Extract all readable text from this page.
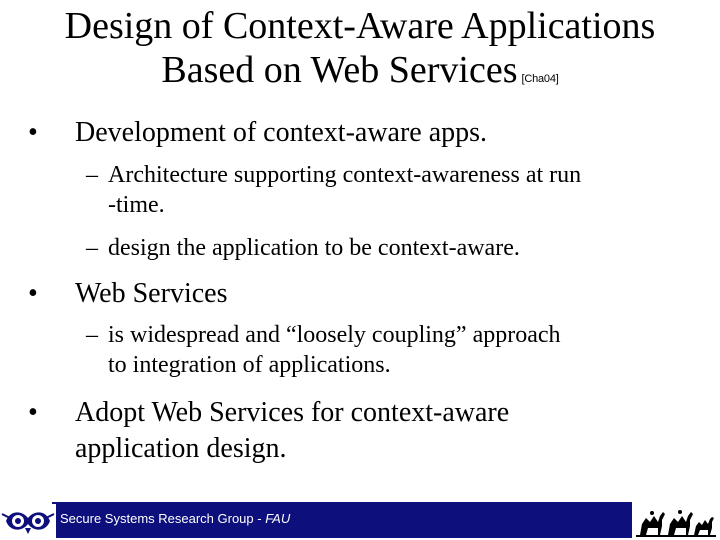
Design of Context-Aware Applications
Based on Web Services [Cha04]
•	Development of context-aware apps.
– Architecture supporting context-awareness at run
-time.
– design the application to be context-aware.
•	Web Services
– is widespread and “loosely coupling” approach
to integration of applications.
•	Adopt Web Services for context-aware
application design.
Secure Systems Research Group - FAU
